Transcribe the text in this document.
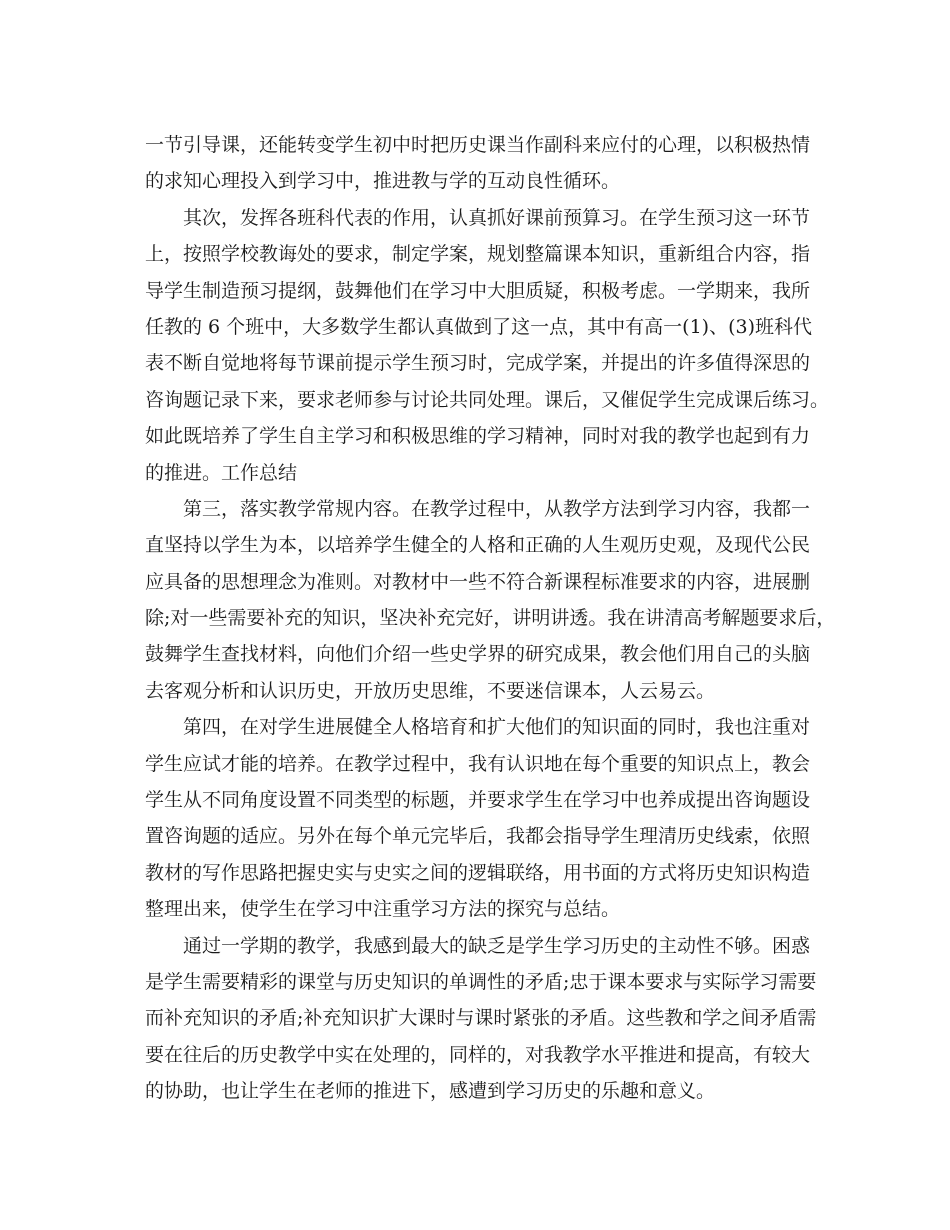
一节引导课，还能转变学生初中时把历史课当作副科来应付的心理，以积极热情
的求知心理投入到学习中，推进教与学的互动良性循环。
其次，发挥各班科代表的作用，认真抓好课前预算习。在学生预习这一环节
上，按照学校教诲处的要求，制定学案，规划整篇课本知识，重新组合内容，指
导学生制造预习提纲，鼓舞他们在学习中大胆质疑，积极考虑。一学期来，我所
任教的 6 个班中，大多数学生都认真做到了这一点，其中有高一(1)、(3)班科代
表不断自觉地将每节课前提示学生预习时，完成学案，并提出的许多值得深思的
咨询题记录下来，要求老师参与讨论共同处理。课后，又催促学生完成课后练习。
如此既培养了学生自主学习和积极思维的学习精神，同时对我的教学也起到有力
的推进。工作总结
第三，落实教学常规内容。在教学过程中，从教学方法到学习内容，我都一
直坚持以学生为本，以培养学生健全的人格和正确的人生观历史观，及现代公民
应具备的思想理念为准则。对教材中一些不符合新课程标准要求的内容，进展删
除;对一些需要补充的知识，坚决补充完好，讲明讲透。我在讲清高考解题要求后，
鼓舞学生查找材料，向他们介绍一些史学界的研究成果，教会他们用自己的头脑
去客观分析和认识历史，开放历史思维，不要迷信课本，人云易云。
第四，在对学生进展健全人格培育和扩大他们的知识面的同时，我也注重对
学生应试才能的培养。在教学过程中，我有认识地在每个重要的知识点上，教会
学生从不同角度设置不同类型的标题，并要求学生在学习中也养成提出咨询题设
置咨询题的适应。另外在每个单元完毕后，我都会指导学生理清历史线索，依照
教材的写作思路把握史实与史实之间的逻辑联络，用书面的方式将历史知识构造
整理出来，使学生在学习中注重学习方法的探究与总结。
通过一学期的教学，我感到最大的缺乏是学生学习历史的主动性不够。困惑
是学生需要精彩的课堂与历史知识的单调性的矛盾;忠于课本要求与实际学习需要
而补充知识的矛盾;补充知识扩大课时与课时紧张的矛盾。这些教和学之间矛盾需
要在往后的历史教学中实在处理的，同样的，对我教学水平推进和提高，有较大
的协助，也让学生在老师的推进下，感遭到学习历史的乐趣和意义。
